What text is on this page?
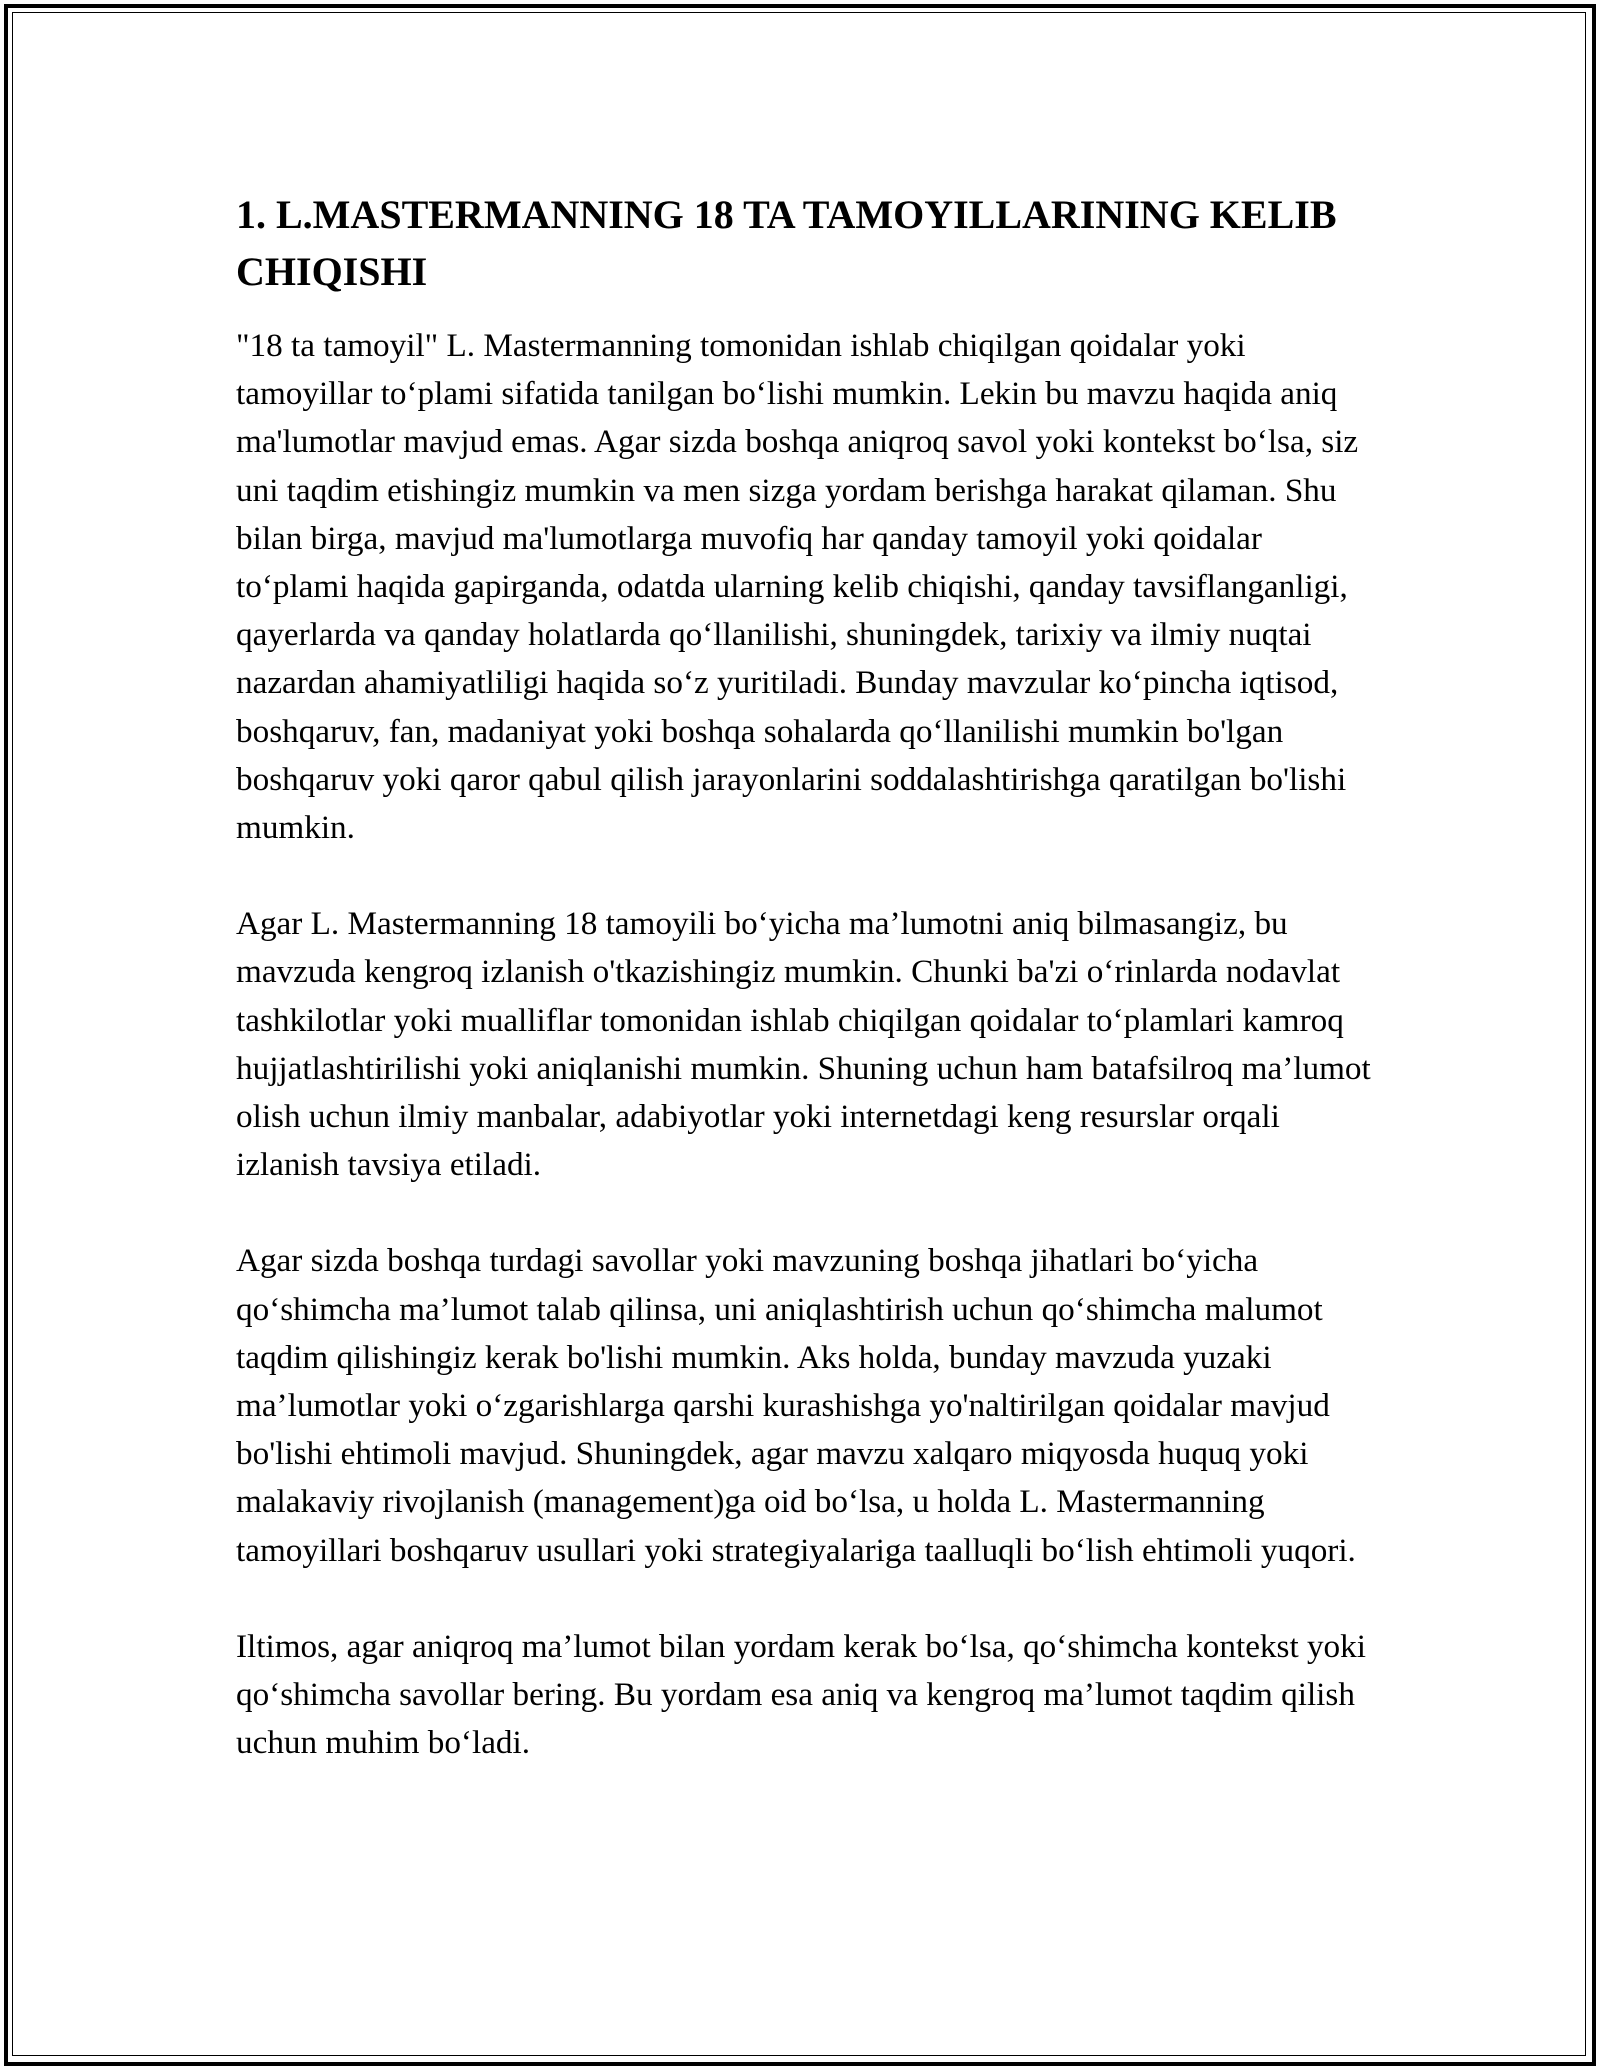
1. L.MASTERMANNING 18 TA TAMOYILLARINING KELIB CHIQISHI

"18 ta tamoyil" L. Mastermanning tomonidan ishlab chiqilgan qoidalar yoki tamoyillar to‘plami sifatida tanilgan bo‘lishi mumkin. Lekin bu mavzu haqida aniq ma'lumotlar mavjud emas. Agar sizda boshqa aniqroq savol yoki kontekst bo‘lsa, siz uni taqdim etishingiz mumkin va men sizga yordam berishga harakat qilaman. Shu bilan birga, mavjud ma'lumotlarga muvofiq har qanday tamoyil yoki qoidalar to‘plami haqida gapirganda, odatda ularning kelib chiqishi, qanday tavsiflanganligi, qayerlarda va qanday holatlarda qo‘llanilishi, shuningdek, tarixiy va ilmiy nuqtai nazardan ahamiyatliligi haqida so‘z yuritiladi. Bunday mavzular ko‘pincha iqtisod, boshqaruv, fan, madaniyat yoki boshqa sohalarda qo‘llanilishi mumkin bo'lgan boshqaruv yoki qaror qabul qilish jarayonlarini soddalashtirishga qaratilgan bo'lishi mumkin.

Agar L. Mastermanning 18 tamoyili bo‘yicha ma’lumotni aniq bilmasangiz, bu mavzuda kengroq izlanish o'tkazishingiz mumkin. Chunki ba'zi o‘rinlarda nodavlat tashkilotlar yoki mualliflar tomonidan ishlab chiqilgan qoidalar to‘plamlari kamroq hujjatlashtirilishi yoki aniqlanishi mumkin. Shuning uchun ham batafsilroq ma’lumot olish uchun ilmiy manbalar, adabiyotlar yoki internetdagi keng resurslar orqali izlanish tavsiya etiladi.

Agar sizda boshqa turdagi savollar yoki mavzuning boshqa jihatlari bo‘yicha qo‘shimcha ma’lumot talab qilinsa, uni aniqlashtirish uchun qo‘shimcha malumot taqdim qilishingiz kerak bo'lishi mumkin. Aks holda, bunday mavzuda yuzaki ma’lumotlar yoki o‘zgarishlarga qarshi kurashishga yo'naltirilgan qoidalar mavjud bo'lishi ehtimoli mavjud. Shuningdek, agar mavzu xalqaro miqyosda huquq yoki malakaviy rivojlanish (management)ga oid bo‘lsa, u holda L. Mastermanning tamoyillari boshqaruv usullari yoki strategiyalariga taalluqli bo‘lish ehtimoli yuqori.

Iltimos, agar aniqroq ma’lumot bilan yordam kerak bo‘lsa, qo‘shimcha kontekst yoki qo‘shimcha savollar bering. Bu yordam esa aniq va kengroq ma’lumot taqdim qilish uchun muhim bo‘ladi.
